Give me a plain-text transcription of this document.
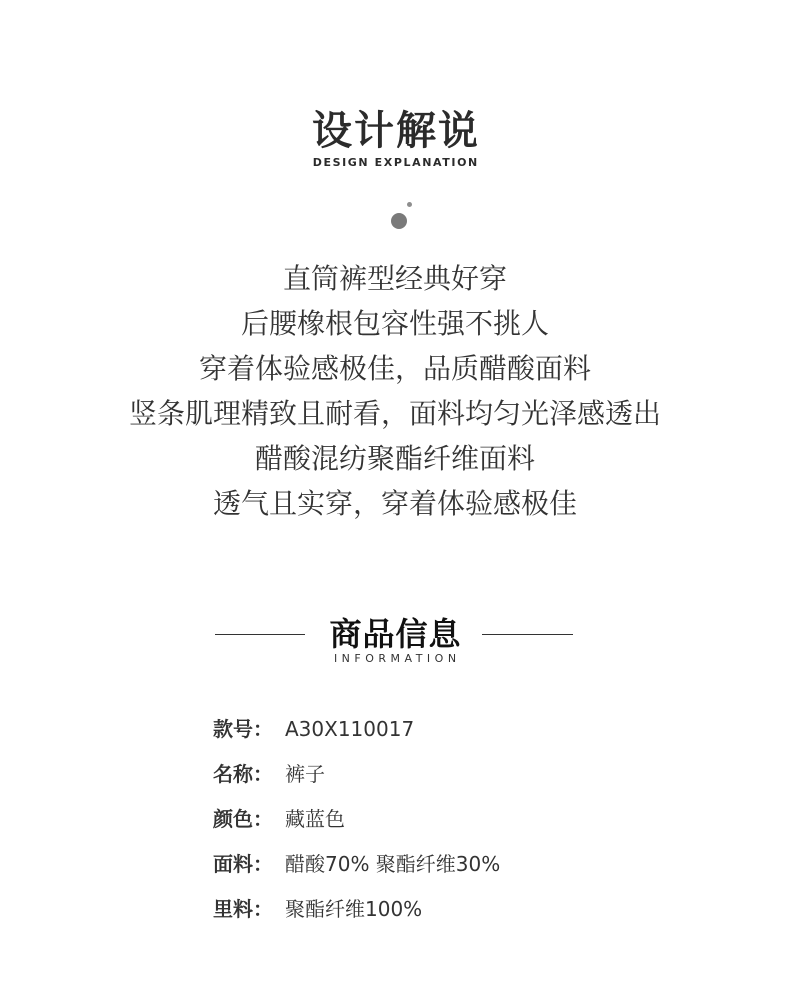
设计解说
DESIGN EXPLANATION

直筒裤型经典好穿

后腰橡根包容性强不挑人

穿着体验感极佳，品质醋酸面料

竖条肌理精致且耐看，面料均匀光泽感透出

醋酸混纺聚酯纤维面料

透气且实穿，穿着体验感极佳

商品信息
INFORMATION
款号： A30X110017
名称： 裤子
颜色： 藏蓝色
面料： 醋酸70% 聚酯纤维30%
里料： 聚酯纤维100%
